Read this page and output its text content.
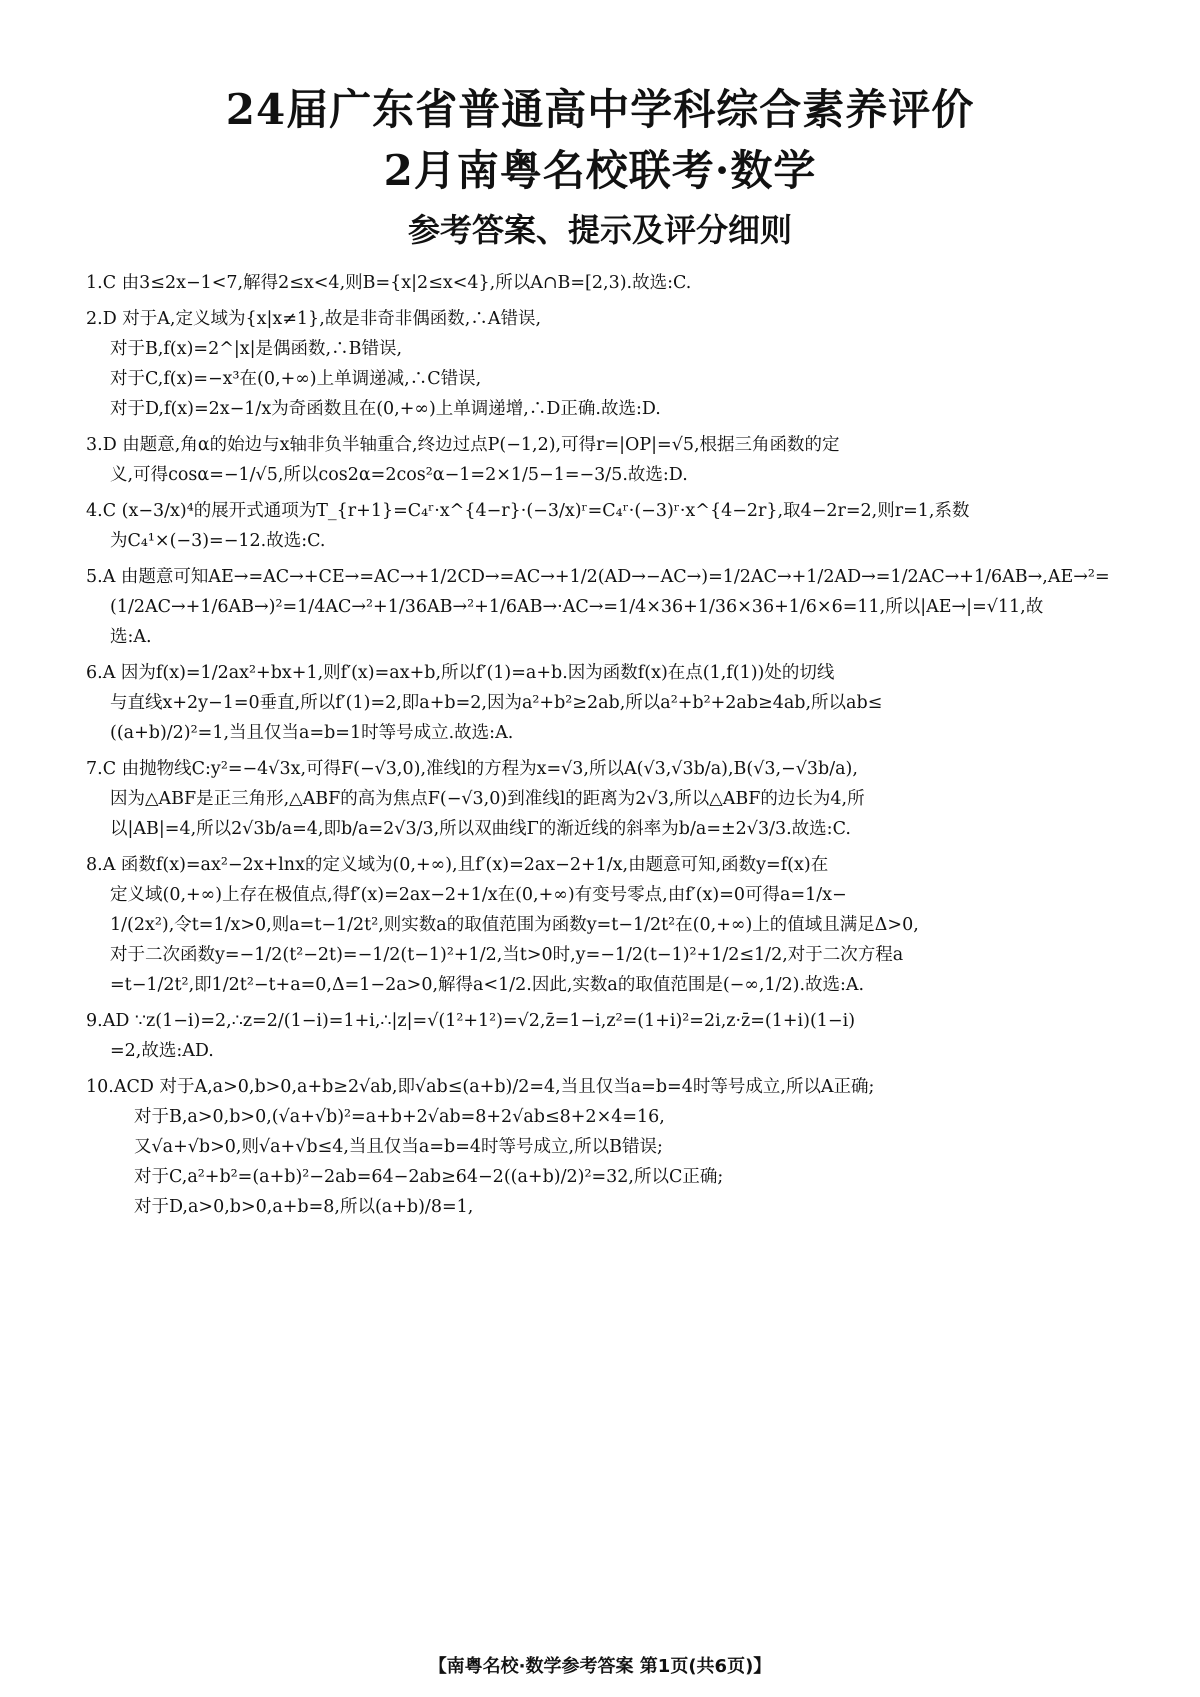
24届广东省普通高中学科综合素养评价
2月南粤名校联考·数学
参考答案、提示及评分细则
1.C 由3≤2x−1<7,解得2≤x<4,则B={x|2≤x<4},所以A∩B=[2,3).故选:C.
2.D 对于A,定义域为{x|x≠1},故是非奇非偶函数,∴A错误,
对于B,f(x)=2^|x|是偶函数,∴B错误,
对于C,f(x)=−x³在(0,+∞)上单调递减,∴C错误,
对于D,f(x)=2x−1/x为奇函数且在(0,+∞)上单调递增,∴D正确.故选:D.
3.D 由题意,角α的始边与x轴非负半轴重合,终边过点P(−1,2),可得r=|OP|=√5,根据三角函数的定
义,可得cosα=−1/√5,所以cos2α=2cos²α−1=2×1/5−1=−3/5.故选:D.
4.C (x−3/x)⁴的展开式通项为T_{r+1}=C₄ʳ·x^{4−r}·(−3/x)ʳ=C₄ʳ·(−3)ʳ·x^{4−2r},取4−2r=2,则r=1,系数
为C₄¹×(−3)=−12.故选:C.
5.A 由题意可知AE→=AC→+CE→=AC→+1/2CD→=AC→+1/2(AD→−AC→)=1/2AC→+1/2AD→=1/2AC→+1/6AB→,AE→²=
(1/2AC→+1/6AB→)²=1/4AC→²+1/36AB→²+1/6AB→·AC→=1/4×36+1/36×36+1/6×6=11,所以|AE→|=√11,故
选:A.
6.A 因为f(x)=1/2ax²+bx+1,则f′(x)=ax+b,所以f′(1)=a+b.因为函数f(x)在点(1,f(1))处的切线
与直线x+2y−1=0垂直,所以f′(1)=2,即a+b=2,因为a²+b²≥2ab,所以a²+b²+2ab≥4ab,所以ab≤
((a+b)/2)²=1,当且仅当a=b=1时等号成立.故选:A.
7.C 由抛物线C:y²=−4√3x,可得F(−√3,0),准线l的方程为x=√3,所以A(√3,√3b/a),B(√3,−√3b/a),
因为△ABF是正三角形,△ABF的高为焦点F(−√3,0)到准线l的距离为2√3,所以△ABF的边长为4,所
以|AB|=4,所以2√3b/a=4,即b/a=2√3/3,所以双曲线Γ的渐近线的斜率为b/a=±2√3/3.故选:C.
8.A 函数f(x)=ax²−2x+lnx的定义域为(0,+∞),且f′(x)=2ax−2+1/x,由题意可知,函数y=f(x)在
定义域(0,+∞)上存在极值点,得f′(x)=2ax−2+1/x在(0,+∞)有变号零点,由f′(x)=0可得a=1/x−
1/(2x²),令t=1/x>0,则a=t−1/2t²,则实数a的取值范围为函数y=t−1/2t²在(0,+∞)上的值域且满足Δ>0,
对于二次函数y=−1/2(t²−2t)=−1/2(t−1)²+1/2,当t>0时,y=−1/2(t−1)²+1/2≤1/2,对于二次方程a
=t−1/2t²,即1/2t²−t+a=0,Δ=1−2a>0,解得a<1/2.因此,实数a的取值范围是(−∞,1/2).故选:A.
9.AD ∵z(1−i)=2,∴z=2/(1−i)=1+i,∴|z|=√(1²+1²)=√2,z̄=1−i,z²=(1+i)²=2i,z·z̄=(1+i)(1−i)
=2,故选:AD.
10.ACD 对于A,a>0,b>0,a+b≥2√ab,即√ab≤(a+b)/2=4,当且仅当a=b=4时等号成立,所以A正确;
对于B,a>0,b>0,(√a+√b)²=a+b+2√ab=8+2√ab≤8+2×4=16,
又√a+√b>0,则√a+√b≤4,当且仅当a=b=4时等号成立,所以B错误;
对于C,a²+b²=(a+b)²−2ab=64−2ab≥64−2((a+b)/2)²=32,所以C正确;
对于D,a>0,b>0,a+b=8,所以(a+b)/8=1,
【南粤名校·数学参考答案 第1页(共6页)】
